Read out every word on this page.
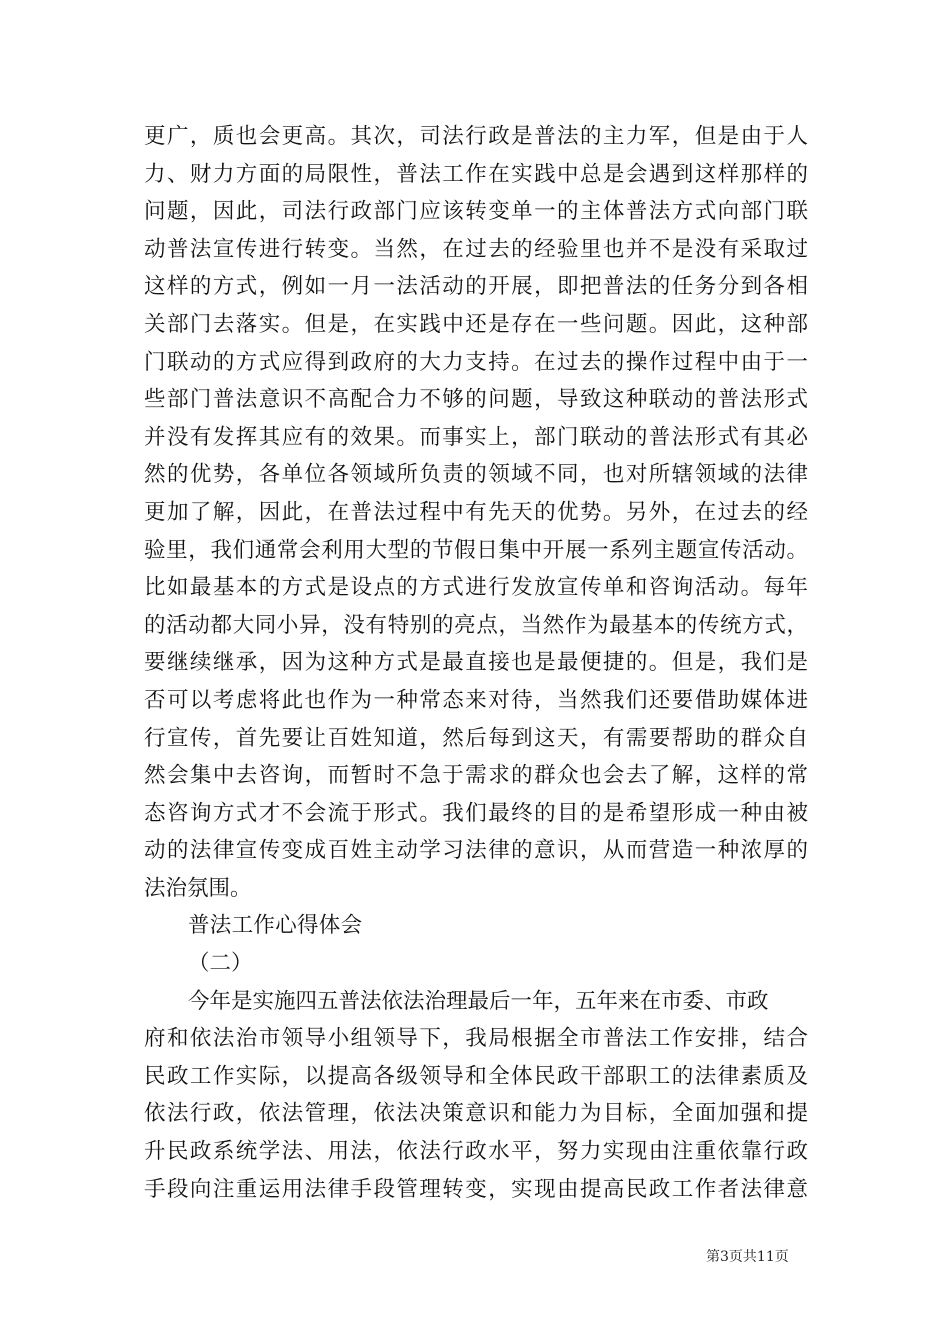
更广，质也会更高。其次，司法行政是普法的主力军，但是由于人
力、财力方面的局限性，普法工作在实践中总是会遇到这样那样的
问题，因此，司法行政部门应该转变单一的主体普法方式向部门联
动普法宣传进行转变。当然，在过去的经验里也并不是没有采取过
这样的方式，例如一月一法活动的开展，即把普法的任务分到各相
关部门去落实。但是，在实践中还是存在一些问题。因此，这种部
门联动的方式应得到政府的大力支持。在过去的操作过程中由于一
些部门普法意识不高配合力不够的问题，导致这种联动的普法形式
并没有发挥其应有的效果。而事实上，部门联动的普法形式有其必
然的优势，各单位各领域所负责的领域不同，也对所辖领域的法律
更加了解，因此，在普法过程中有先天的优势。另外，在过去的经
验里，我们通常会利用大型的节假日集中开展一系列主题宣传活动。
比如最基本的方式是设点的方式进行发放宣传单和咨询活动。每年
的活动都大同小异，没有特别的亮点，当然作为最基本的传统方式，
要继续继承，因为这种方式是最直接也是最便捷的。但是，我们是
否可以考虑将此也作为一种常态来对待，当然我们还要借助媒体进
行宣传，首先要让百姓知道，然后每到这天，有需要帮助的群众自
然会集中去咨询，而暂时不急于需求的群众也会去了解，这样的常
态咨询方式才不会流于形式。我们最终的目的是希望形成一种由被
动的法律宣传变成百姓主动学习法律的意识，从而营造一种浓厚的
法治氛围。
普法工作心得体会
（二）
今年是实施四五普法依法治理最后一年，五年来在市委、市政
府和依法治市领导小组领导下，我局根据全市普法工作安排，结合
民政工作实际，以提高各级领导和全体民政干部职工的法律素质及
依法行政，依法管理，依法决策意识和能力为目标，全面加强和提
升民政系统学法、用法，依法行政水平，努力实现由注重依靠行政
手段向注重运用法律手段管理转变，实现由提高民政工作者法律意
第3页共11页
